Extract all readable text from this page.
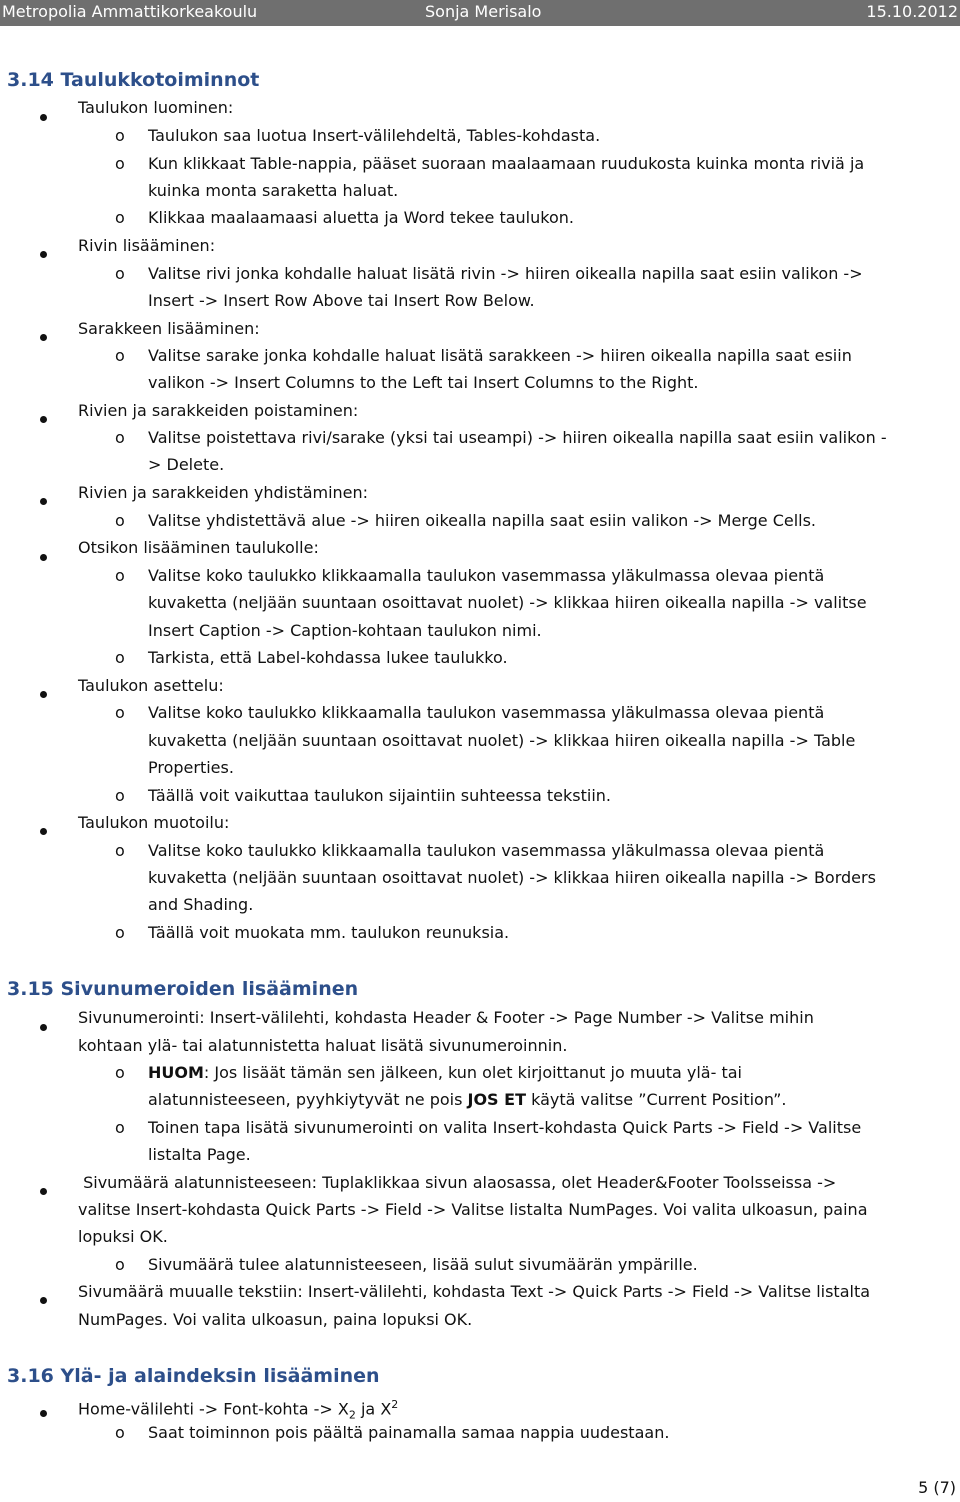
Metropolia Ammattikorkeakoulu	Sonja Merisalo	15.10.2012
3.14 Taulukkotoiminnot
Taulukon luominen:
o Taulukon saa luotua Insert-välilehdeltä, Tables-kohdasta.
o Kun klikkaat Table-nappia, pääset suoraan maalaamaan ruudukosta kuinka monta riviä ja
kuinka monta saraketta haluat.
o Klikkaa maalaamaasi aluetta ja Word tekee taulukon.
Rivin lisääminen:
o Valitse rivi jonka kohdalle haluat lisätä rivin -> hiiren oikealla napilla saat esiin valikon ->
Insert -> Insert Row Above tai Insert Row Below.
Sarakkeen lisääminen:
o Valitse sarake jonka kohdalle haluat lisätä sarakkeen -> hiiren oikealla napilla saat esiin
valikon -> Insert Columns to the Left tai Insert Columns to the Right.
Rivien ja sarakkeiden poistaminen:
o Valitse poistettava rivi/sarake (yksi tai useampi) -> hiiren oikealla napilla saat esiin valikon -
> Delete.
Rivien ja sarakkeiden yhdistäminen:
o Valitse yhdistettävä alue -> hiiren oikealla napilla saat esiin valikon -> Merge Cells.
Otsikon lisääminen taulukolle:
o Valitse koko taulukko klikkaamalla taulukon vasemmassa yläkulmassa olevaa pientä
kuvaketta (neljään suuntaan osoittavat nuolet) -> klikkaa hiiren oikealla napilla -> valitse
Insert Caption -> Caption-kohtaan taulukon nimi.
o Tarkista, että Label-kohdassa lukee taulukko.
Taulukon asettelu:
o Valitse koko taulukko klikkaamalla taulukon vasemmassa yläkulmassa olevaa pientä
kuvaketta (neljään suuntaan osoittavat nuolet) -> klikkaa hiiren oikealla napilla -> Table
Properties.
o Täällä voit vaikuttaa taulukon sijaintiin suhteessa tekstiin.
Taulukon muotoilu:
o Valitse koko taulukko klikkaamalla taulukon vasemmassa yläkulmassa olevaa pientä
kuvaketta (neljään suuntaan osoittavat nuolet) -> klikkaa hiiren oikealla napilla -> Borders
and Shading.
o Täällä voit muokata mm. taulukon reunuksia.
3.15 Sivunumeroiden lisääminen
Sivunumerointi: Insert-välilehti, kohdasta Header & Footer -> Page Number -> Valitse mihin
kohtaan ylä- tai alatunnistetta haluat lisätä sivunumeroinnin.
o HUOM: Jos lisäät tämän sen jälkeen, kun olet kirjoittanut jo muuta ylä- tai
alatunnisteeseen, pyyhkiytyvät ne pois JOS ET käytä valitse ”Current Position”.
o Toinen tapa lisätä sivunumerointi on valita Insert-kohdasta Quick Parts -> Field -> Valitse
listalta Page.
Sivumäärä alatunnisteeseen: Tuplaklikkaa sivun alaosassa, olet Header&Footer Toolsseissa ->
valitse Insert-kohdasta Quick Parts -> Field -> Valitse listalta NumPages. Voi valita ulkoasun, paina
lopuksi OK.
o Sivumäärä tulee alatunnisteeseen, lisää sulut sivumäärän ympärille.
Sivumäärä muualle tekstiin: Insert-välilehti, kohdasta Text -> Quick Parts -> Field -> Valitse listalta
NumPages. Voi valita ulkoasun, paina lopuksi OK.
3.16 Ylä- ja alaindeksin lisääminen
Home-välilehti -> Font-kohta -> $X_2$ ja $X^2$
o Saat toiminnon pois päältä painamalla samaa nappia uudestaan.
5 (7)
